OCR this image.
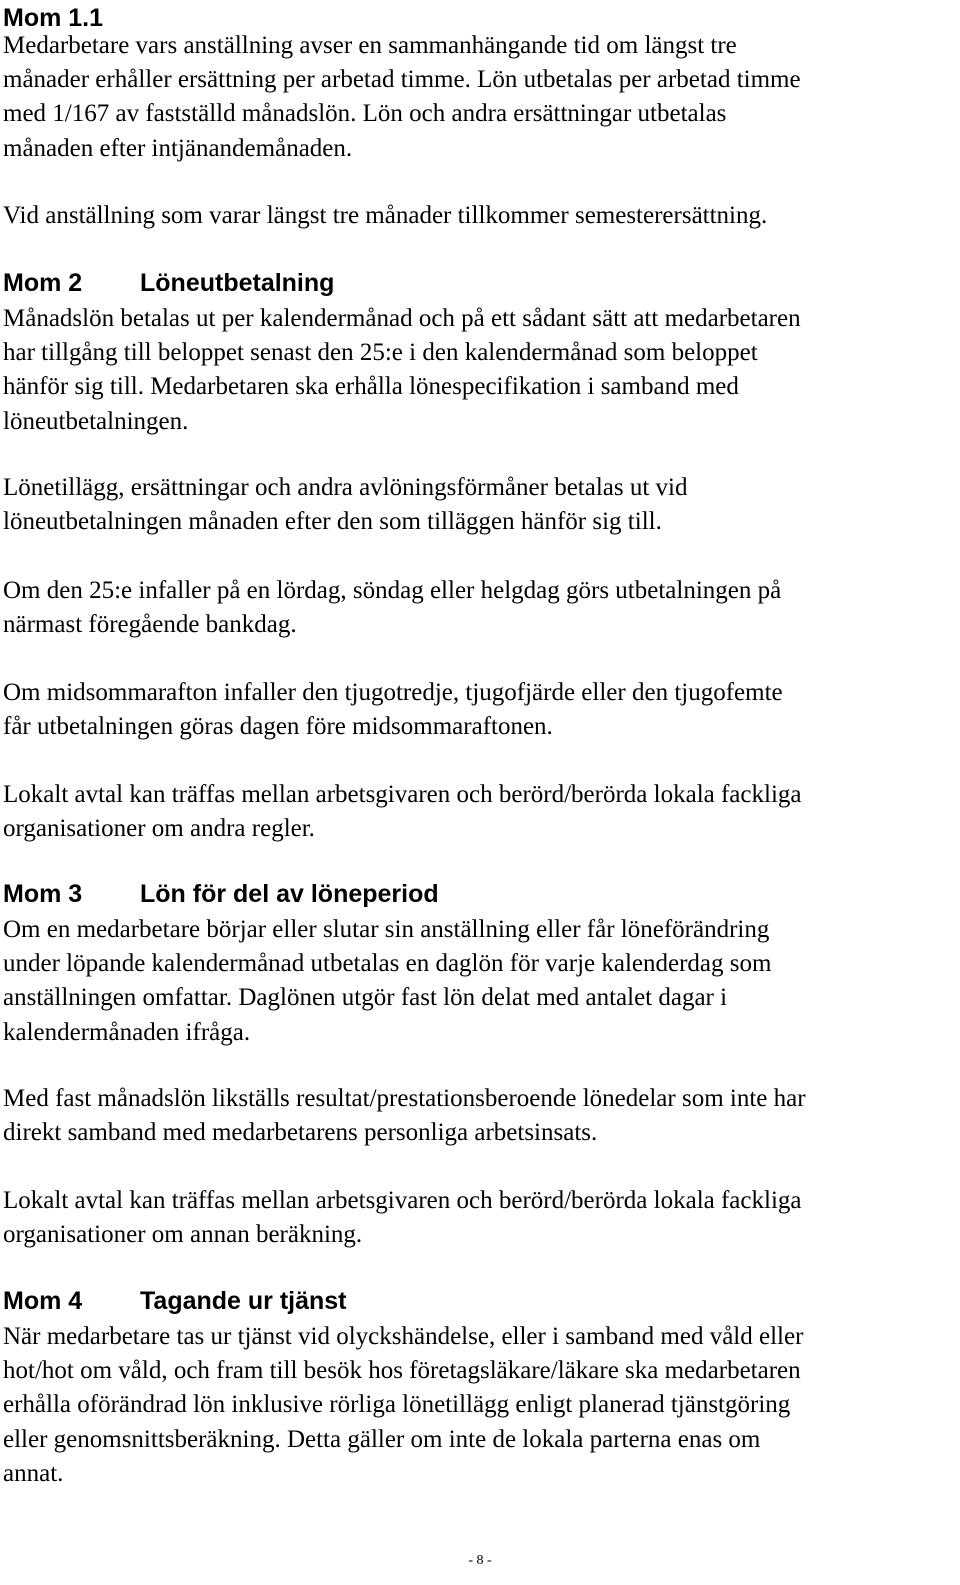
Mom 1.1

Medarbetare vars anställning avser en sammanhängande tid om längst tre
månader erhåller ersättning per arbetad timme. Lön utbetalas per arbetad timme
med 1/167 av fastställd månadslön. Lön och andra ersättningar utbetalas
månaden efter intjänandemånaden.

Vid anställning som varar längst tre månader tillkommer semesterersättning.

Mom 2 Löneutbetalning

Månadslön betalas ut per kalendermånad och på ett sådant sätt att medarbetaren
har tillgång till beloppet senast den 25:e i den kalendermånad som beloppet
hänför sig till. Medarbetaren ska erhålla lönespecifikation i samband med
löneutbetalningen.

Lönetillägg, ersättningar och andra avlöningsförmåner betalas ut vid
löneutbetalningen månaden efter den som tilläggen hänför sig till.

Om den 25:e infaller på en lördag, söndag eller helgdag görs utbetalningen på
närmast föregående bankdag.

Om midsommarafton infaller den tjugotredje, tjugofjärde eller den tjugofemte
får utbetalningen göras dagen före midsommaraftonen.

Lokalt avtal kan träffas mellan arbetsgivaren och berörd/berörda lokala fackliga
organisationer om andra regler.

Mom 3 Lön för del av löneperiod

Om en medarbetare börjar eller slutar sin anställning eller får löneförändring
under löpande kalendermånad utbetalas en daglön för varje kalenderdag som
anställningen omfattar. Daglönen utgör fast lön delat med antalet dagar i
kalendermånaden ifråga.

Med fast månadslön likställs resultat/prestationsberoende lönedelar som inte har
direkt samband med medarbetarens personliga arbetsinsats.

Lokalt avtal kan träffas mellan arbetsgivaren och berörd/berörda lokala fackliga
organisationer om annan beräkning.

Mom 4 Tagande ur tjänst

När medarbetare tas ur tjänst vid olyckshändelse, eller i samband med våld eller
hot/hot om våld, och fram till besök hos företagsläkare/läkare ska medarbetaren
erhålla oförändrad lön inklusive rörliga lönetillägg enligt planerad tjänstgöring
eller genomsnittsberäkning. Detta gäller om inte de lokala parterna enas om
annat.

- 8 -
